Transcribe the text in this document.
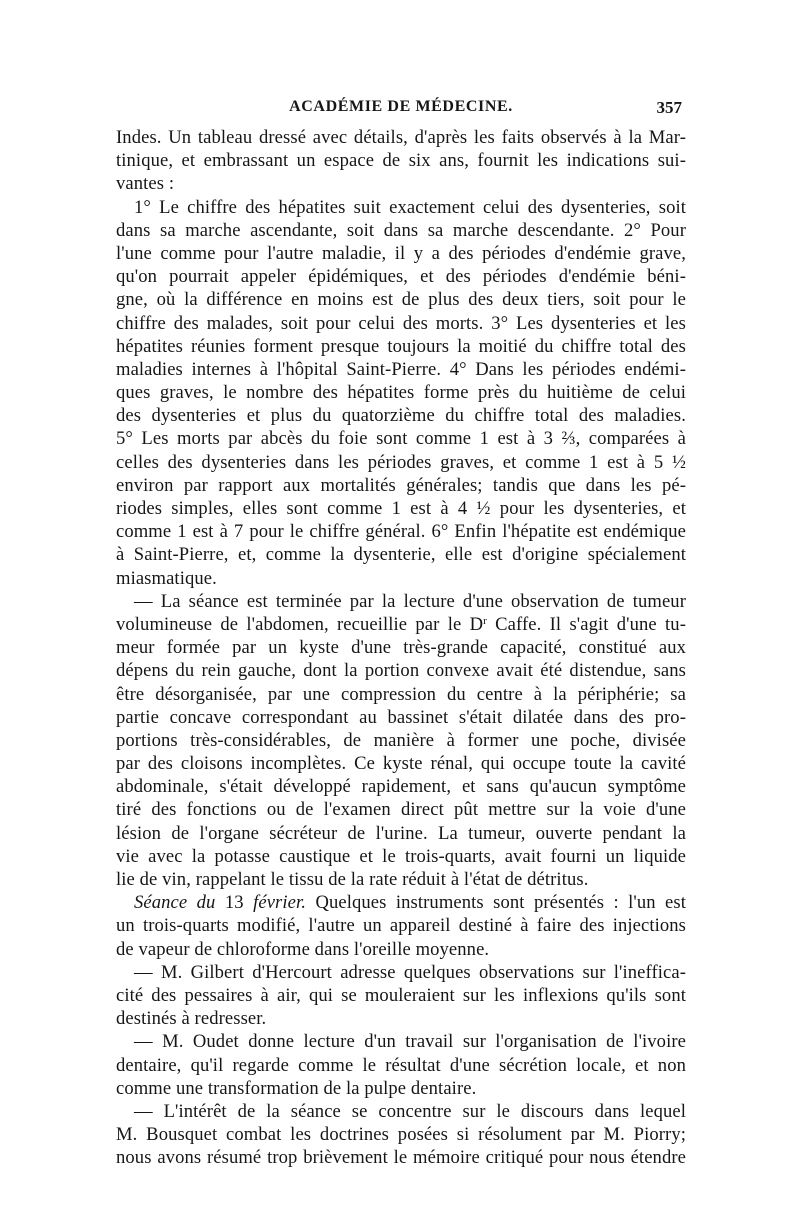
ACADÉMIE DE MÉDECINE.	357
Indes. Un tableau dressé avec détails, d'après les faits observés à la Mar-
tinique, et embrassant un espace de six ans, fournit les indications sui-
vantes :
1° Le chiffre des hépatites suit exactement celui des dysenteries, soit
dans sa marche ascendante, soit dans sa marche descendante. 2° Pour
l'une comme pour l'autre maladie, il y a des périodes d'endémie grave,
qu'on pourrait appeler épidémiques, et des périodes d'endémie béni-
gne, où la différence en moins est de plus des deux tiers, soit pour le
chiffre des malades, soit pour celui des morts. 3° Les dysenteries et les
hépatites réunies forment presque toujours la moitié du chiffre total des
maladies internes à l'hôpital Saint-Pierre. 4° Dans les périodes endémi-
ques graves, le nombre des hépatites forme près du huitième de celui
des dysenteries et plus du quatorzième du chiffre total des maladies.
5° Les morts par abcès du foie sont comme 1 est à 3 ⅔, comparées à
celles des dysenteries dans les périodes graves, et comme 1 est à 5 ½
environ par rapport aux mortalités générales; tandis que dans les pé-
riodes simples, elles sont comme 1 est à 4 ½ pour les dysenteries, et
comme 1 est à 7 pour le chiffre général. 6° Enfin l'hépatite est endémique
à Saint-Pierre, et, comme la dysenterie, elle est d'origine spécialement
miasmatique.
— La séance est terminée par la lecture d'une observation de tumeur
volumineuse de l'abdomen, recueillie par le $D^r$ Caffe. Il s'agit d'une tu-
meur formée par un kyste d'une très-grande capacité, constitué aux
dépens du rein gauche, dont la portion convexe avait été distendue, sans
être désorganisée, par une compression du centre à la périphérie; sa
partie concave correspondant au bassinet s'était dilatée dans des pro-
portions très-considérables, de manière à former une poche, divisée
par des cloisons incomplètes. Ce kyste rénal, qui occupe toute la cavité
abdominale, s'était développé rapidement, et sans qu'aucun symptôme
tiré des fonctions ou de l'examen direct pût mettre sur la voie d'une
lésion de l'organe sécréteur de l'urine. La tumeur, ouverte pendant la
vie avec la potasse caustique et le trois-quarts, avait fourni un liquide
lie de vin, rappelant le tissu de la rate réduit à l'état de détritus.
Séance du 13 février. Quelques instruments sont présentés : l'un est
un trois-quarts modifié, l'autre un appareil destiné à faire des injections
de vapeur de chloroforme dans l'oreille moyenne.
— M. Gilbert d'Hercourt adresse quelques observations sur l'inefficа-
cité des pessaires à air, qui se mouleraient sur les inflexions qu'ils sont
destinés à redresser.
— M. Oudet donne lecture d'un travail sur l'organisation de l'ivoire
dentaire, qu'il regarde comme le résultat d'une sécrétion locale, et non
comme une transformation de la pulpe dentaire.
— L'intérêt de la séance se concentre sur le discours dans lequel
M. Bousquet combat les doctrines posées si résolument par M. Piorry;
nous avons résumé trop brièvement le mémoire critiqué pour nous étendre
